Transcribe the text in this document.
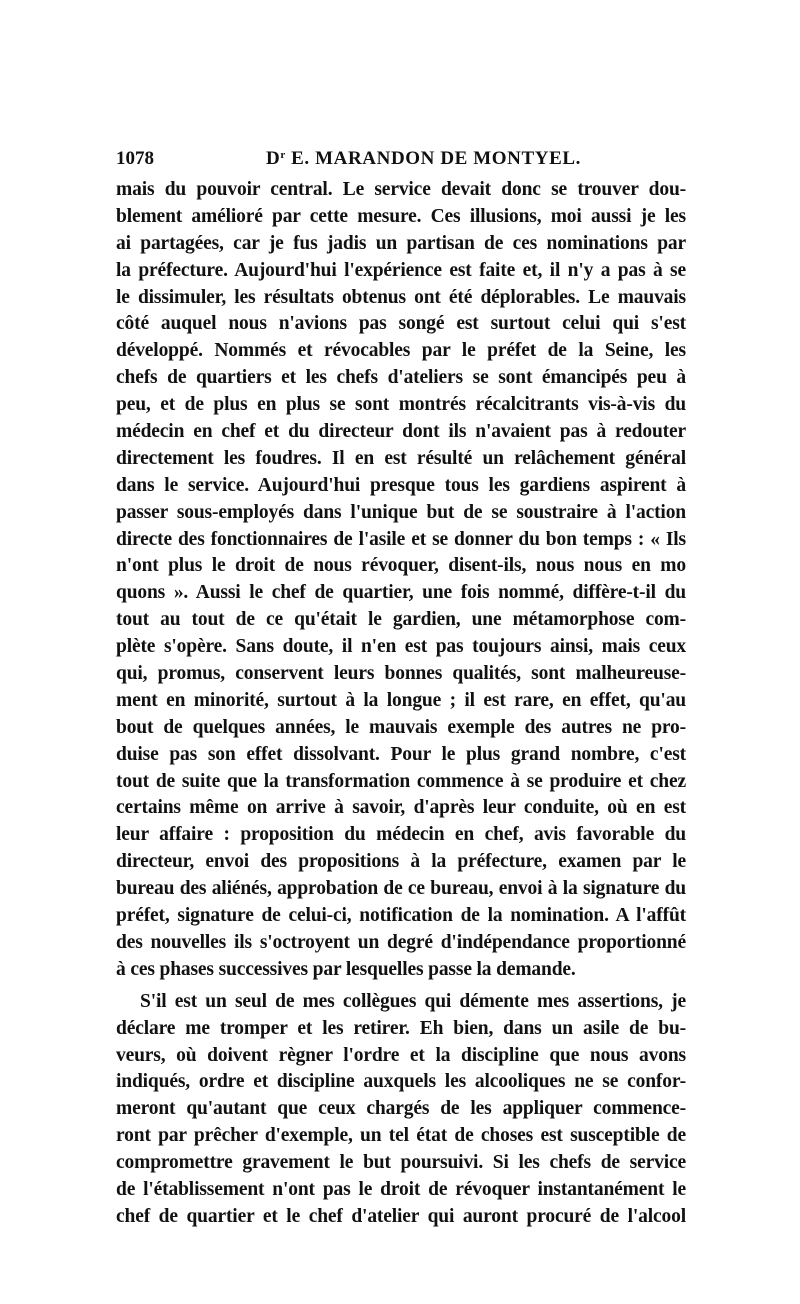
1078	$D^r$ E. MARANDON DE MONTYEL.
mais du pouvoir central. Le service devait donc se trouver dou-
blement amélioré par cette mesure. Ces illusions, moi aussi je les
ai partagées, car je fus jadis un partisan de ces nominations par
la préfecture. Aujourd'hui l'expérience est faite et, il n'y a pas à se
le dissimuler, les résultats obtenus ont été déplorables. Le mauvais
côté auquel nous n'avions pas songé est surtout celui qui s'est
développé. Nommés et révocables par le préfet de la Seine, les
chefs de quartiers et les chefs d'ateliers se sont émancipés peu à
peu, et de plus en plus se sont montrés récalcitrants vis-à-vis du
médecin en chef et du directeur dont ils n'avaient pas à redouter
directement les foudres. Il en est résulté un relâchement général
dans le service. Aujourd'hui presque tous les gardiens aspirent à
passer sous-employés dans l'unique but de se soustraire à l'action
directe des fonctionnaires de l'asile et se donner du bon temps : « Ils
n'ont plus le droit de nous révoquer, disent-ils, nous nous en mo
quons ». Aussi le chef de quartier, une fois nommé, diffère-t-il du
tout au tout de ce qu'était le gardien, une métamorphose com-
plète s'opère. Sans doute, il n'en est pas toujours ainsi, mais ceux
qui, promus, conservent leurs bonnes qualités, sont malheureuse-
ment en minorité, surtout à la longue ; il est rare, en effet, qu'au
bout de quelques années, le mauvais exemple des autres ne pro-
duise pas son effet dissolvant. Pour le plus grand nombre, c'est
tout de suite que la transformation commence à se produire et chez
certains même on arrive à savoir, d'après leur conduite, où en est
leur affaire : proposition du médecin en chef, avis favorable du
directeur, envoi des propositions à la préfecture, examen par le
bureau des aliénés, approbation de ce bureau, envoi à la signature du
préfet, signature de celui-ci, notification de la nomination. A l'affût
des nouvelles ils s'octroyent un degré d'indépendance proportionné
à ces phases successives par lesquelles passe la demande.
S'il est un seul de mes collègues qui démente mes assertions, je
déclare me tromper et les retirer. Eh bien, dans un asile de bu-
veurs, où doivent règner l'ordre et la discipline que nous avons
indiqués, ordre et discipline auxquels les alcooliques ne se confor-
meront qu'autant que ceux chargés de les appliquer commence-
ront par prêcher d'exemple, un tel état de choses est susceptible de
compromettre gravement le but poursuivi. Si les chefs de service
de l'établissement n'ont pas le droit de révoquer instantanément le
chef de quartier et le chef d'atelier qui auront procuré de l'alcool
